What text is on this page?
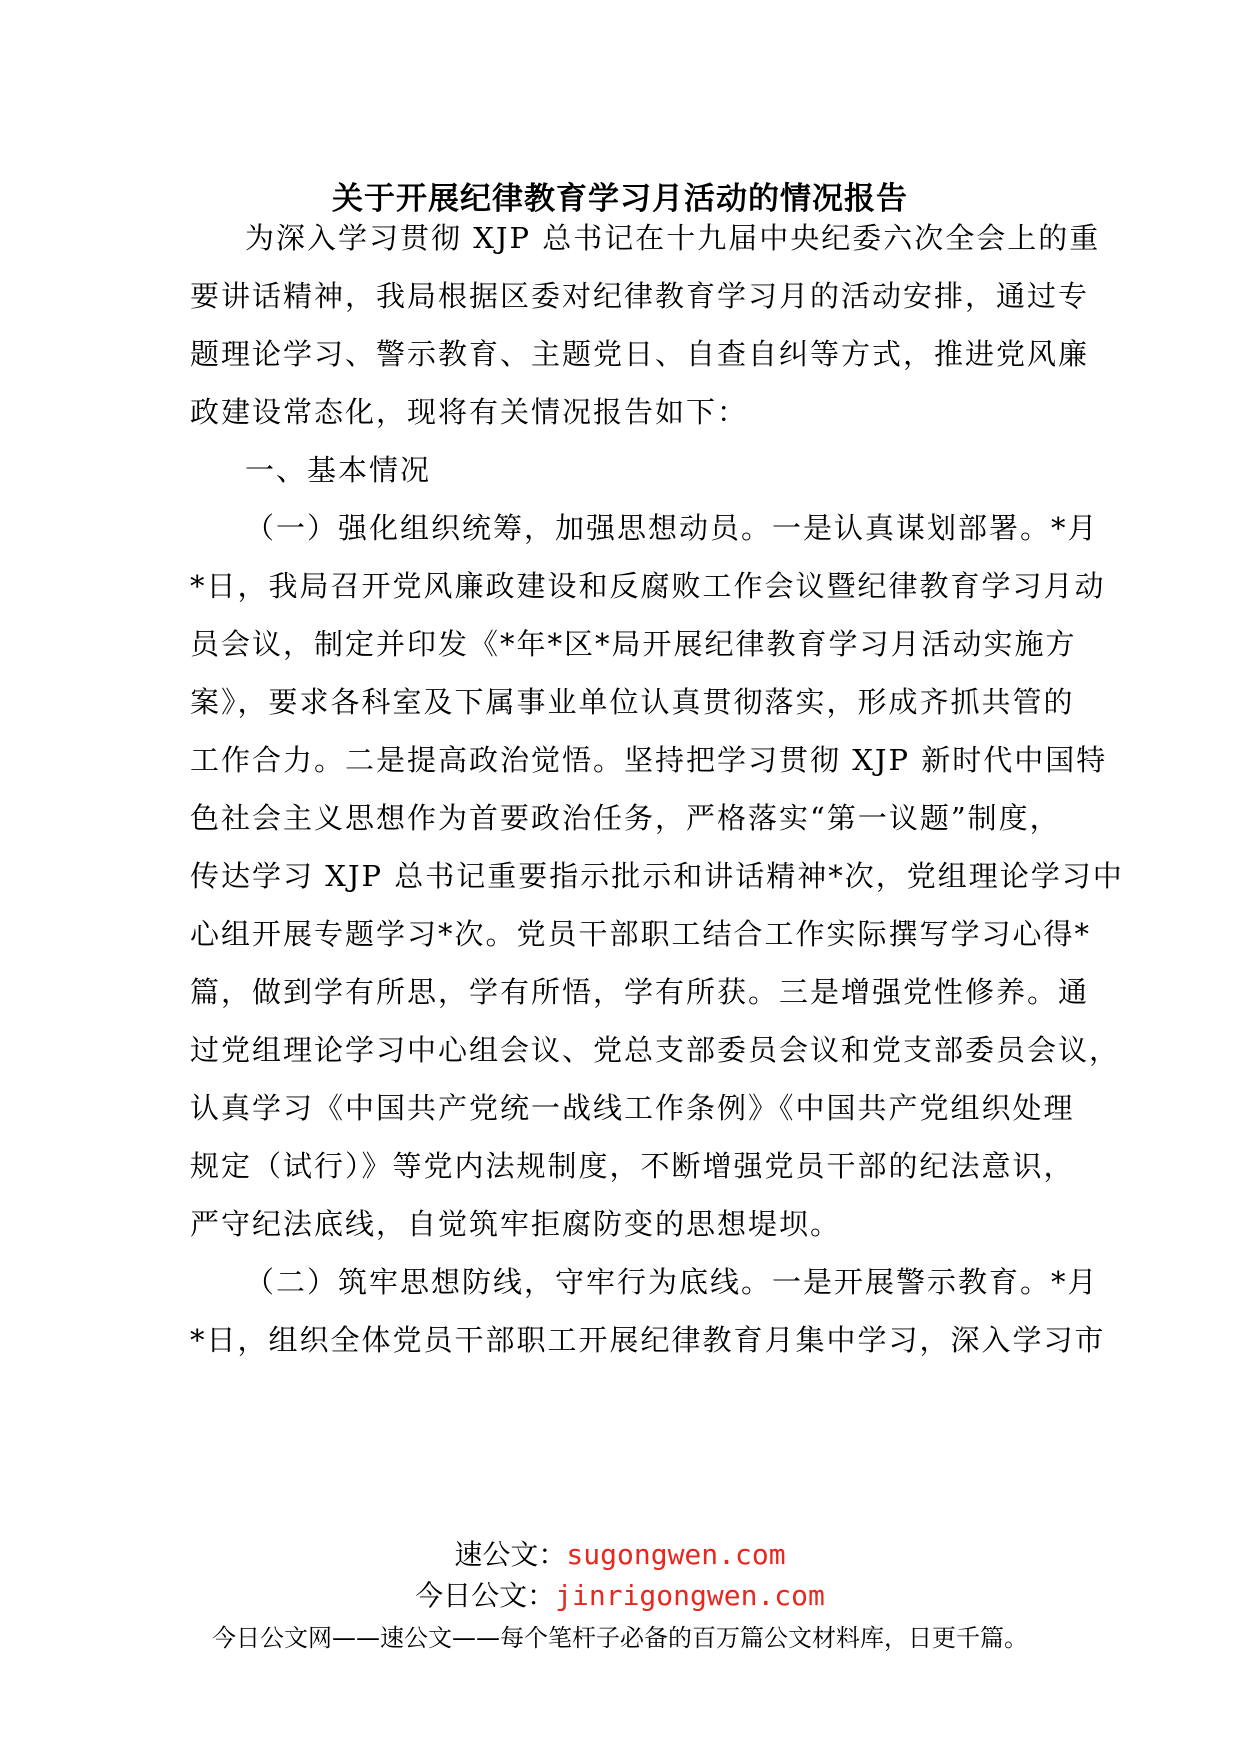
关于开展纪律教育学习月活动的情况报告
为深入学习贯彻 XJP 总书记在十九届中央纪委六次全会上的重
要讲话精神，我局根据区委对纪律教育学习月的活动安排，通过专
题理论学习、警示教育、主题党日、自查自纠等方式，推进党风廉
政建设常态化，现将有关情况报告如下：
一、基本情况
（一）强化组织统筹，加强思想动员。一是认真谋划部署。*月
*日，我局召开党风廉政建设和反腐败工作会议暨纪律教育学习月动
员会议，制定并印发《*年*区*局开展纪律教育学习月活动实施方
案》，要求各科室及下属事业单位认真贯彻落实，形成齐抓共管的
工作合力。二是提高政治觉悟。坚持把学习贯彻 XJP 新时代中国特
色社会主义思想作为首要政治任务，严格落实“第一议题”制度，
传达学习 XJP 总书记重要指示批示和讲话精神*次，党组理论学习中
心组开展专题学习*次。党员干部职工结合工作实际撰写学习心得*
篇，做到学有所思，学有所悟，学有所获。三是增强党性修养。通
过党组理论学习中心组会议、党总支部委员会议和党支部委员会议，
认真学习《中国共产党统一战线工作条例》《中国共产党组织处理
规定（试行）》等党内法规制度，不断增强党员干部的纪法意识，
严守纪法底线，自觉筑牢拒腐防变的思想堤坝。
（二）筑牢思想防线，守牢行为底线。一是开展警示教育。*月
*日，组织全体党员干部职工开展纪律教育月集中学习，深入学习市
速公文：sugongwen.com
今日公文：jinrigongwen.com
今日公文网——速公文——每个笔杆子必备的百万篇公文材料库，日更千篇。
